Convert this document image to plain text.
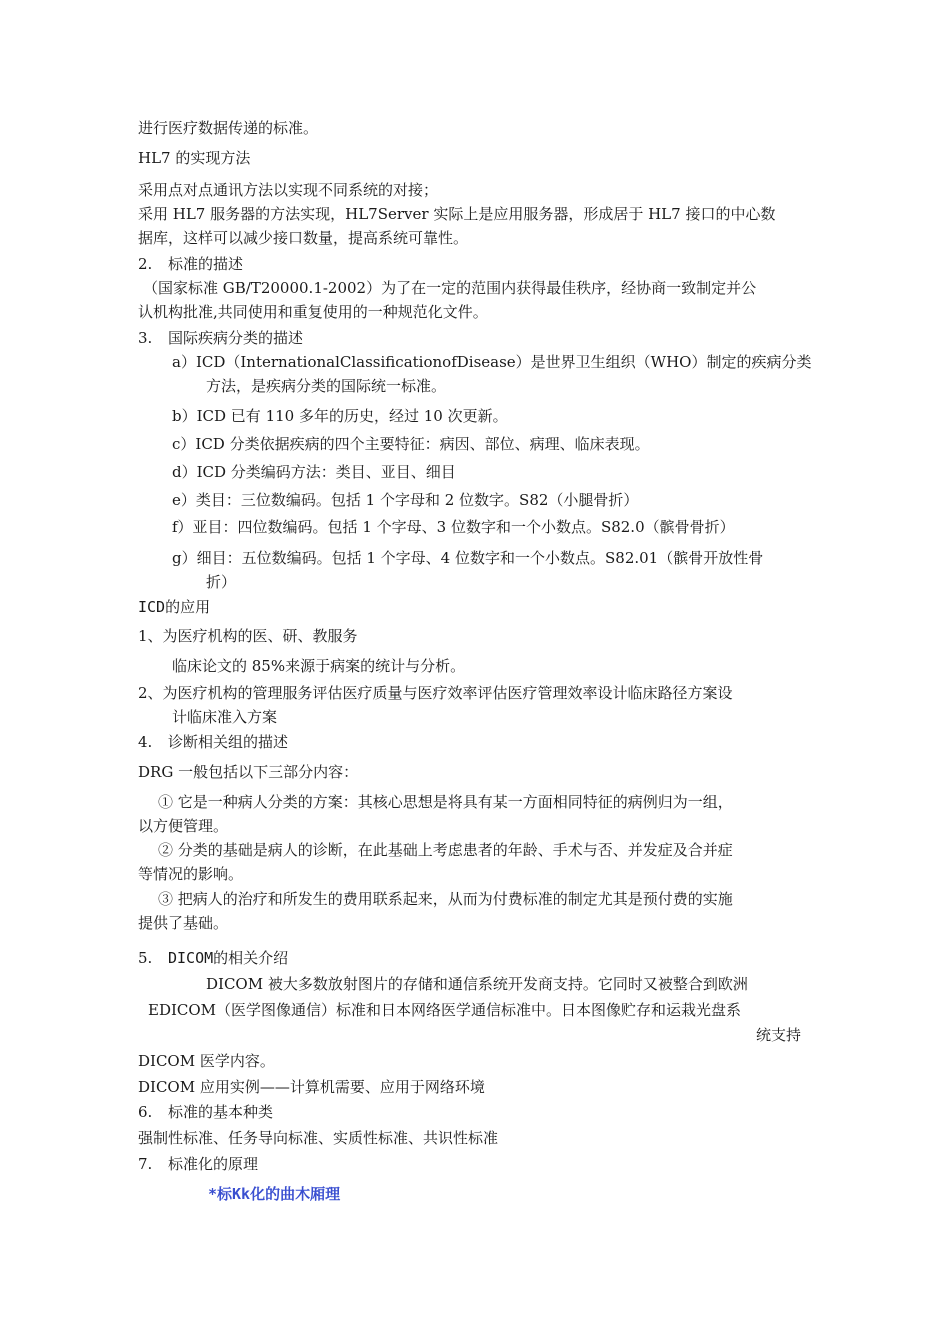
进行医疗数据传递的标准。
HL7 的实现方法
采用点对点通讯方法以实现不同系统的对接；
采用 HL7 服务器的方法实现，HL7Server 实际上是应用服务器，形成居于 HL7 接口的中心数
据库，这样可以减少接口数量，提高系统可靠性。
2. 标准的描述
（国家标准 GB/T20000.1-2002）为了在一定的范围内获得最佳秩序，经协商一致制定并公
认机构批准,共同使用和重复使用的一种规范化文件。
3. 国际疾病分类的描述
a）ICD（InternationalClassificationofDisease）是世界卫生组织（WHO）制定的疾病分类
方法，是疾病分类的国际统一标准。
b）ICD 已有 110 多年的历史，经过 10 次更新。
c）ICD 分类依据疾病的四个主要特征：病因、部位、病理、临床表现。
d）ICD 分类编码方法：类目、亚目、细目
e）类目：三位数编码。包括 1 个字母和 2 位数字。S82（小腿骨折）
f）亚目：四位数编码。包括 1 个字母、3 位数字和一个小数点。S82.0（髌骨骨折）
g）细目：五位数编码。包括 1 个字母、4 位数字和一个小数点。S82.01（髌骨开放性骨
折）
ICD的应用
1、为医疗机构的医、研、教服务
临床论文的 85%来源于病案的统计与分析。
2、为医疗机构的管理服务评估医疗质量与医疗效率评估医疗管理效率设计临床路径方案设
计临床准入方案
4. 诊断相关组的描述
DRG 一般包括以下三部分内容：
① 它是一种病人分类的方案：其核心思想是将具有某一方面相同特征的病例归为一组，
以方便管理。
② 分类的基础是病人的诊断，在此基础上考虑患者的年龄、手术与否、并发症及合并症
等情况的影响。
③ 把病人的治疗和所发生的费用联系起来，从而为付费标准的制定尤其是预付费的实施
提供了基础。
5. DICOM的相关介绍
DICOM 被大多数放射图片的存储和通信系统开发商支持。它同时又被整合到欧洲
EDICOM（医学图像通信）标准和日本网络医学通信标准中。日本图像贮存和运栽光盘系
统支持
DICOM 医学内容。
DICOM 应用实例——计算机需要、应用于网络环境
6. 标准的基本种类
强制性标准、任务导向标准、实质性标准、共识性标准
7. 标准化的原理
*标Kk化的曲木厢理
